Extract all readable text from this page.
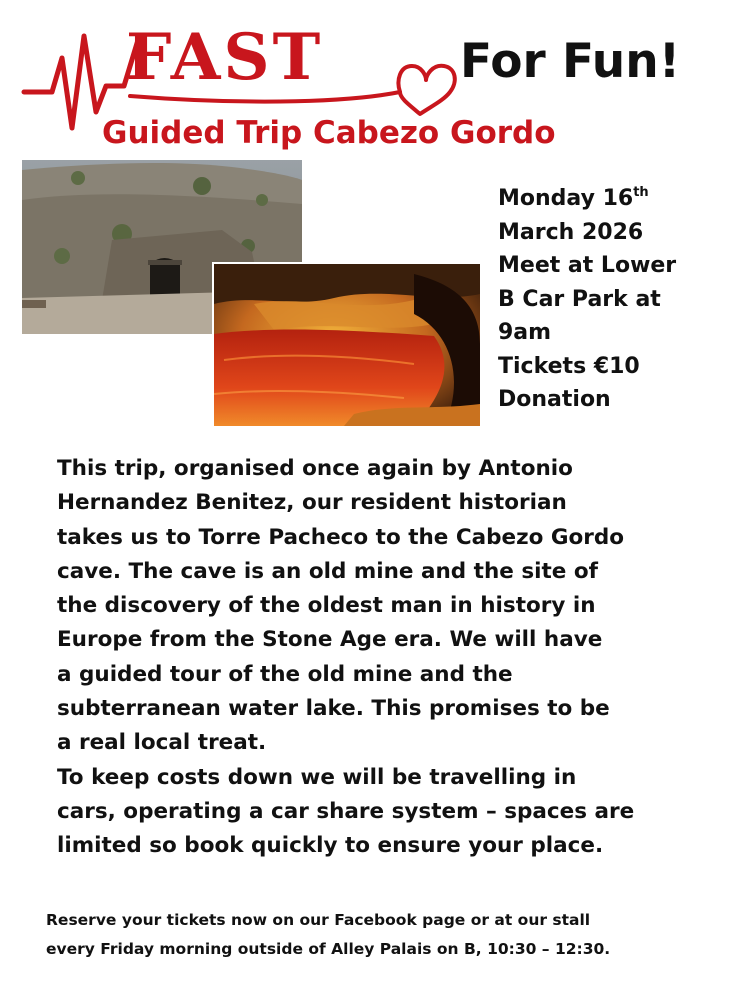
FAST	For Fun!
Guided Trip Cabezo Gordo
Monday 16th
March 2026
Meet at Lower
B Car Park at
9am
Tickets €10
Donation
This trip, organised once again by Antonio
Hernandez Benitez, our resident historian
takes us to Torre Pacheco to the Cabezo Gordo
cave. The cave is an old mine and the site of
the discovery of the oldest man in history in
Europe from the Stone Age era. We will have
a guided tour of the old mine and the
subterranean water lake. This promises to be
a real local treat.
To keep costs down we will be travelling in
cars, operating a car share system – spaces are
limited so book quickly to ensure your place.
Reserve your tickets now on our Facebook page or at our stall
every Friday morning outside of Alley Palais on B, 10:30 – 12:30.
